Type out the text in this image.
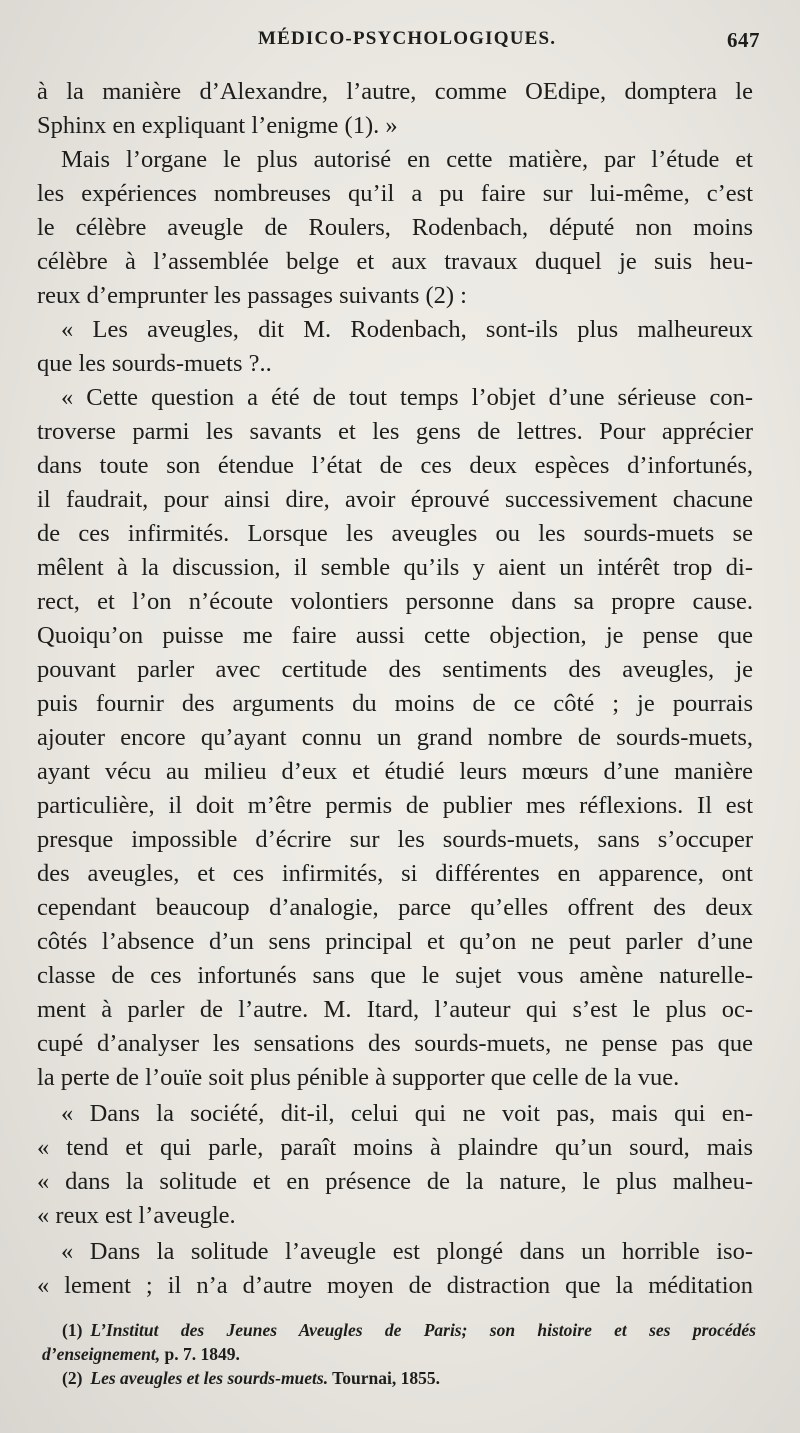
MÉDICO-PSYCHOLOGIQUES.	647
à la manière d’Alexandre, l’autre, comme OEdipe, domptera le
Sphinx en expliquant l’enigme (1). »
Mais l’organe le plus autorisé en cette matière, par l’étude et
les expériences nombreuses qu’il a pu faire sur lui-même, c’est
le célèbre aveugle de Roulers, Rodenbach, député non moins
célèbre à l’assemblée belge et aux travaux duquel je suis heu-
reux d’emprunter les passages suivants (2) :
« Les aveugles, dit M. Rodenbach, sont-ils plus malheureux
que les sourds-muets ?..
« Cette question a été de tout temps l’objet d’une sérieuse con-
troverse parmi les savants et les gens de lettres. Pour apprécier
dans toute son étendue l’état de ces deux espèces d’infortunés,
il faudrait, pour ainsi dire, avoir éprouvé successivement chacune
de ces infirmités. Lorsque les aveugles ou les sourds-muets se
mêlent à la discussion, il semble qu’ils y aient un intérêt trop di-
rect, et l’on n’écoute volontiers personne dans sa propre cause.
Quoiqu’on puisse me faire aussi cette objection, je pense que
pouvant parler avec certitude des sentiments des aveugles, je
puis fournir des arguments du moins de ce côté ; je pourrais
ajouter encore qu’ayant connu un grand nombre de sourds-muets,
ayant vécu au milieu d’eux et étudié leurs mœurs d’une manière
particulière, il doit m’être permis de publier mes réflexions. Il est
presque impossible d’écrire sur les sourds-muets, sans s’occuper
des aveugles, et ces infirmités, si différentes en apparence, ont
cependant beaucoup d’analogie, parce qu’elles offrent des deux
côtés l’absence d’un sens principal et qu’on ne peut parler d’une
classe de ces infortunés sans que le sujet vous amène naturelle-
ment à parler de l’autre. M. Itard, l’auteur qui s’est le plus oc-
cupé d’analyser les sensations des sourds-muets, ne pense pas que
la perte de l’ouïe soit plus pénible à supporter que celle de la vue.
« Dans la société, dit-il, celui qui ne voit pas, mais qui en-
« tend et qui parle, paraît moins à plaindre qu’un sourd, mais
« dans la solitude et en présence de la nature, le plus malheu-
« reux est l’aveugle.
« Dans la solitude l’aveugle est plongé dans un horrible iso-
« lement ; il n’a d’autre moyen de distraction que la méditation
(1) L’Institut des Jeunes Aveugles de Paris; son histoire et ses procédés
d’enseignement, p. 7. 1849.
(2) Les aveugles et les sourds-muets. Tournai, 1855.
